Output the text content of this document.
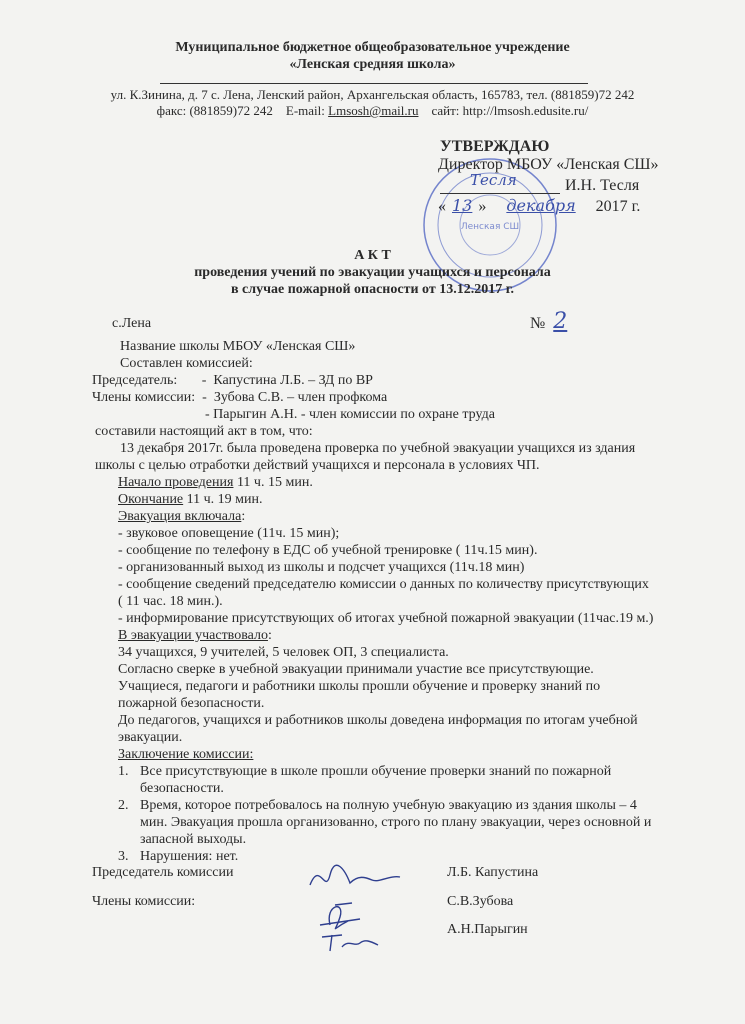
Муниципальное бюджетное общеобразовательное учреждение
«Ленская средняя школа»
ул. К.Зинина, д. 7 с. Лена, Ленский район, Архангельская область, 165783, тел. (881859)72 242
факс: (881859)72 242 E-mail: Lmsosh@mail.ru сайт: http://lmsosh.edusite.ru/
Ленская СШ
УТВЕРЖДАЮ
Директор МБОУ «Ленская СШ»
Тесля	И.Н. Тесля
« 13 » декабря 2017 г.
А К Т
проведения учений по эвакуации учащихся и персонала
в случае пожарной опасности от 13.12.2017 г.
с.Лена	№ 2
Название школы МБОУ «Ленская СШ»
Составлен комиссией:
Председатель:       -  Капустина Л.Б. – ЗД по ВР
Члены комиссии:  -  Зубова С.В. – член профкома
- Парыгин А.Н. - член комиссии по охране труда
составили настоящий акт в том, что:
13 декабря 2017г. была проведена проверка по учебной эвакуации учащихся из здания
школы с целью отработки действий учащихся и персонала в условиях ЧП.
Начало проведения 11 ч. 15 мин.
Окончание 11 ч. 19 мин.
Эвакуация включала:
- звуковое оповещение (11ч. 15 мин);
- сообщение по телефону в ЕДС об учебной тренировке ( 11ч.15 мин).
- организованный выход из школы и подсчет учащихся (11ч.18 мин)
- сообщение сведений председателю комиссии о данных по количеству присутствующих
( 11 час. 18 мин.).
- информирование присутствующих об итогах учебной пожарной эвакуации (11час.19 м.)
В эвакуации участвовало:
34 учащихся, 9 учителей, 5 человек ОП, 3 специалиста.
Согласно сверке в учебной эвакуации принимали участие все присутствующие.
Учащиеся, педагоги и работники школы прошли обучение и проверку знаний по
пожарной безопасности.
До педагогов, учащихся и работников школы доведена информация по итогам учебной
эвакуации.
Заключение комиссии:
1. Все присутствующие в школе прошли обучение проверки знаний по пожарной
безопасности.
2. Время, которое потребовалось на полную учебную эвакуацию из здания школы – 4
мин. Эвакуация прошла организованно, строго по плану эвакуации, через основной и
запасной выходы.
3. Нарушения: нет.
Председатель комиссии	Л.Б. Капустина
Члены комиссии:	С.В.Зубова
А.Н.Парыгин
